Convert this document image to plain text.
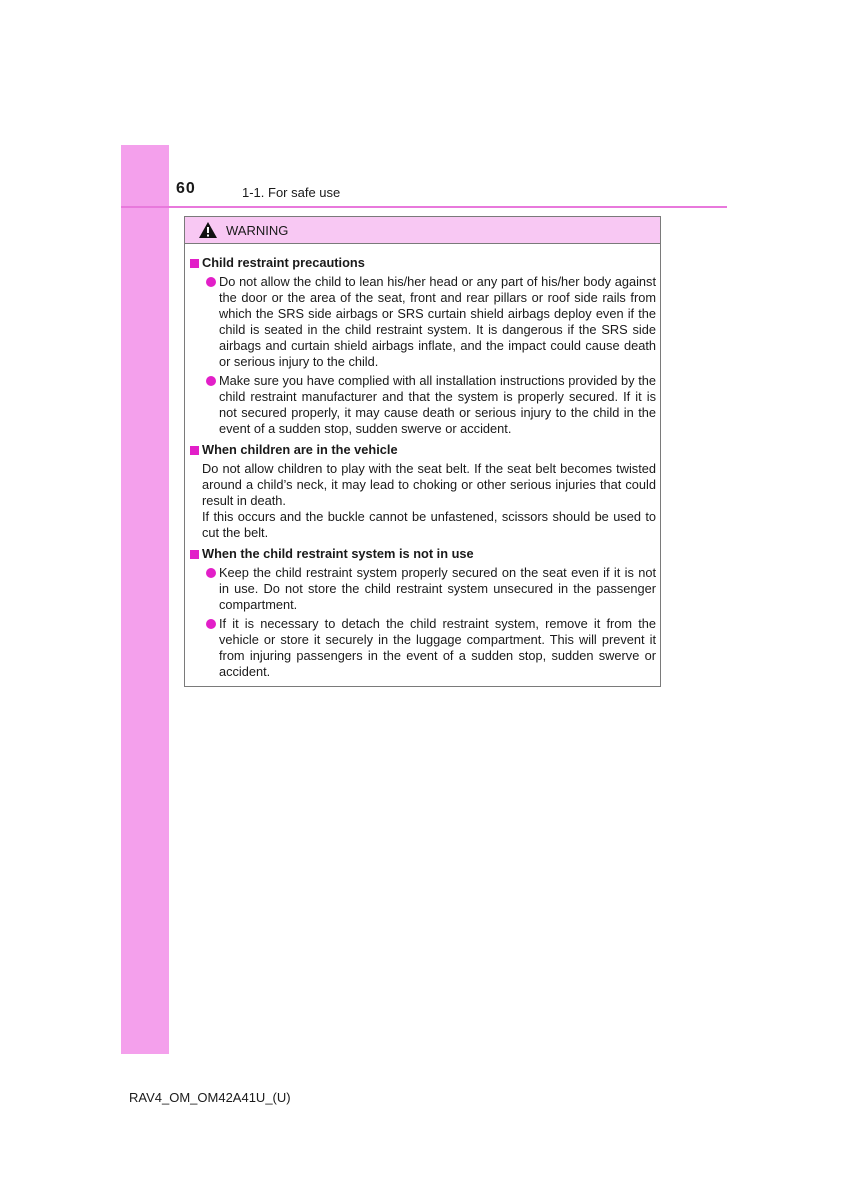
60	1-1. For safe use
WARNING
Child restraint precautions
Do not allow the child to lean his/her head or any part of his/her body against the door or the area of the seat, front and rear pillars or roof side rails from which the SRS side airbags or SRS curtain shield airbags deploy even if the child is seated in the child restraint system. It is dangerous if the SRS side airbags and curtain shield airbags inflate, and the impact could cause death or serious injury to the child.
Make sure you have complied with all installation instructions provided by the child restraint manufacturer and that the system is properly secured. If it is not secured properly, it may cause death or serious injury to the child in the event of a sudden stop, sudden swerve or accident.
When children are in the vehicle
Do not allow children to play with the seat belt. If the seat belt becomes twisted around a child’s neck, it may lead to choking or other serious injuries that could result in death.
If this occurs and the buckle cannot be unfastened, scissors should be used to cut the belt.
When the child restraint system is not in use
Keep the child restraint system properly secured on the seat even if it is not in use. Do not store the child restraint system unsecured in the passenger compartment.
If it is necessary to detach the child restraint system, remove it from the vehicle or store it securely in the luggage compartment. This will prevent it from injuring passengers in the event of a sudden stop, sudden swerve or accident.
RAV4_OM_OM42A41U_(U)
